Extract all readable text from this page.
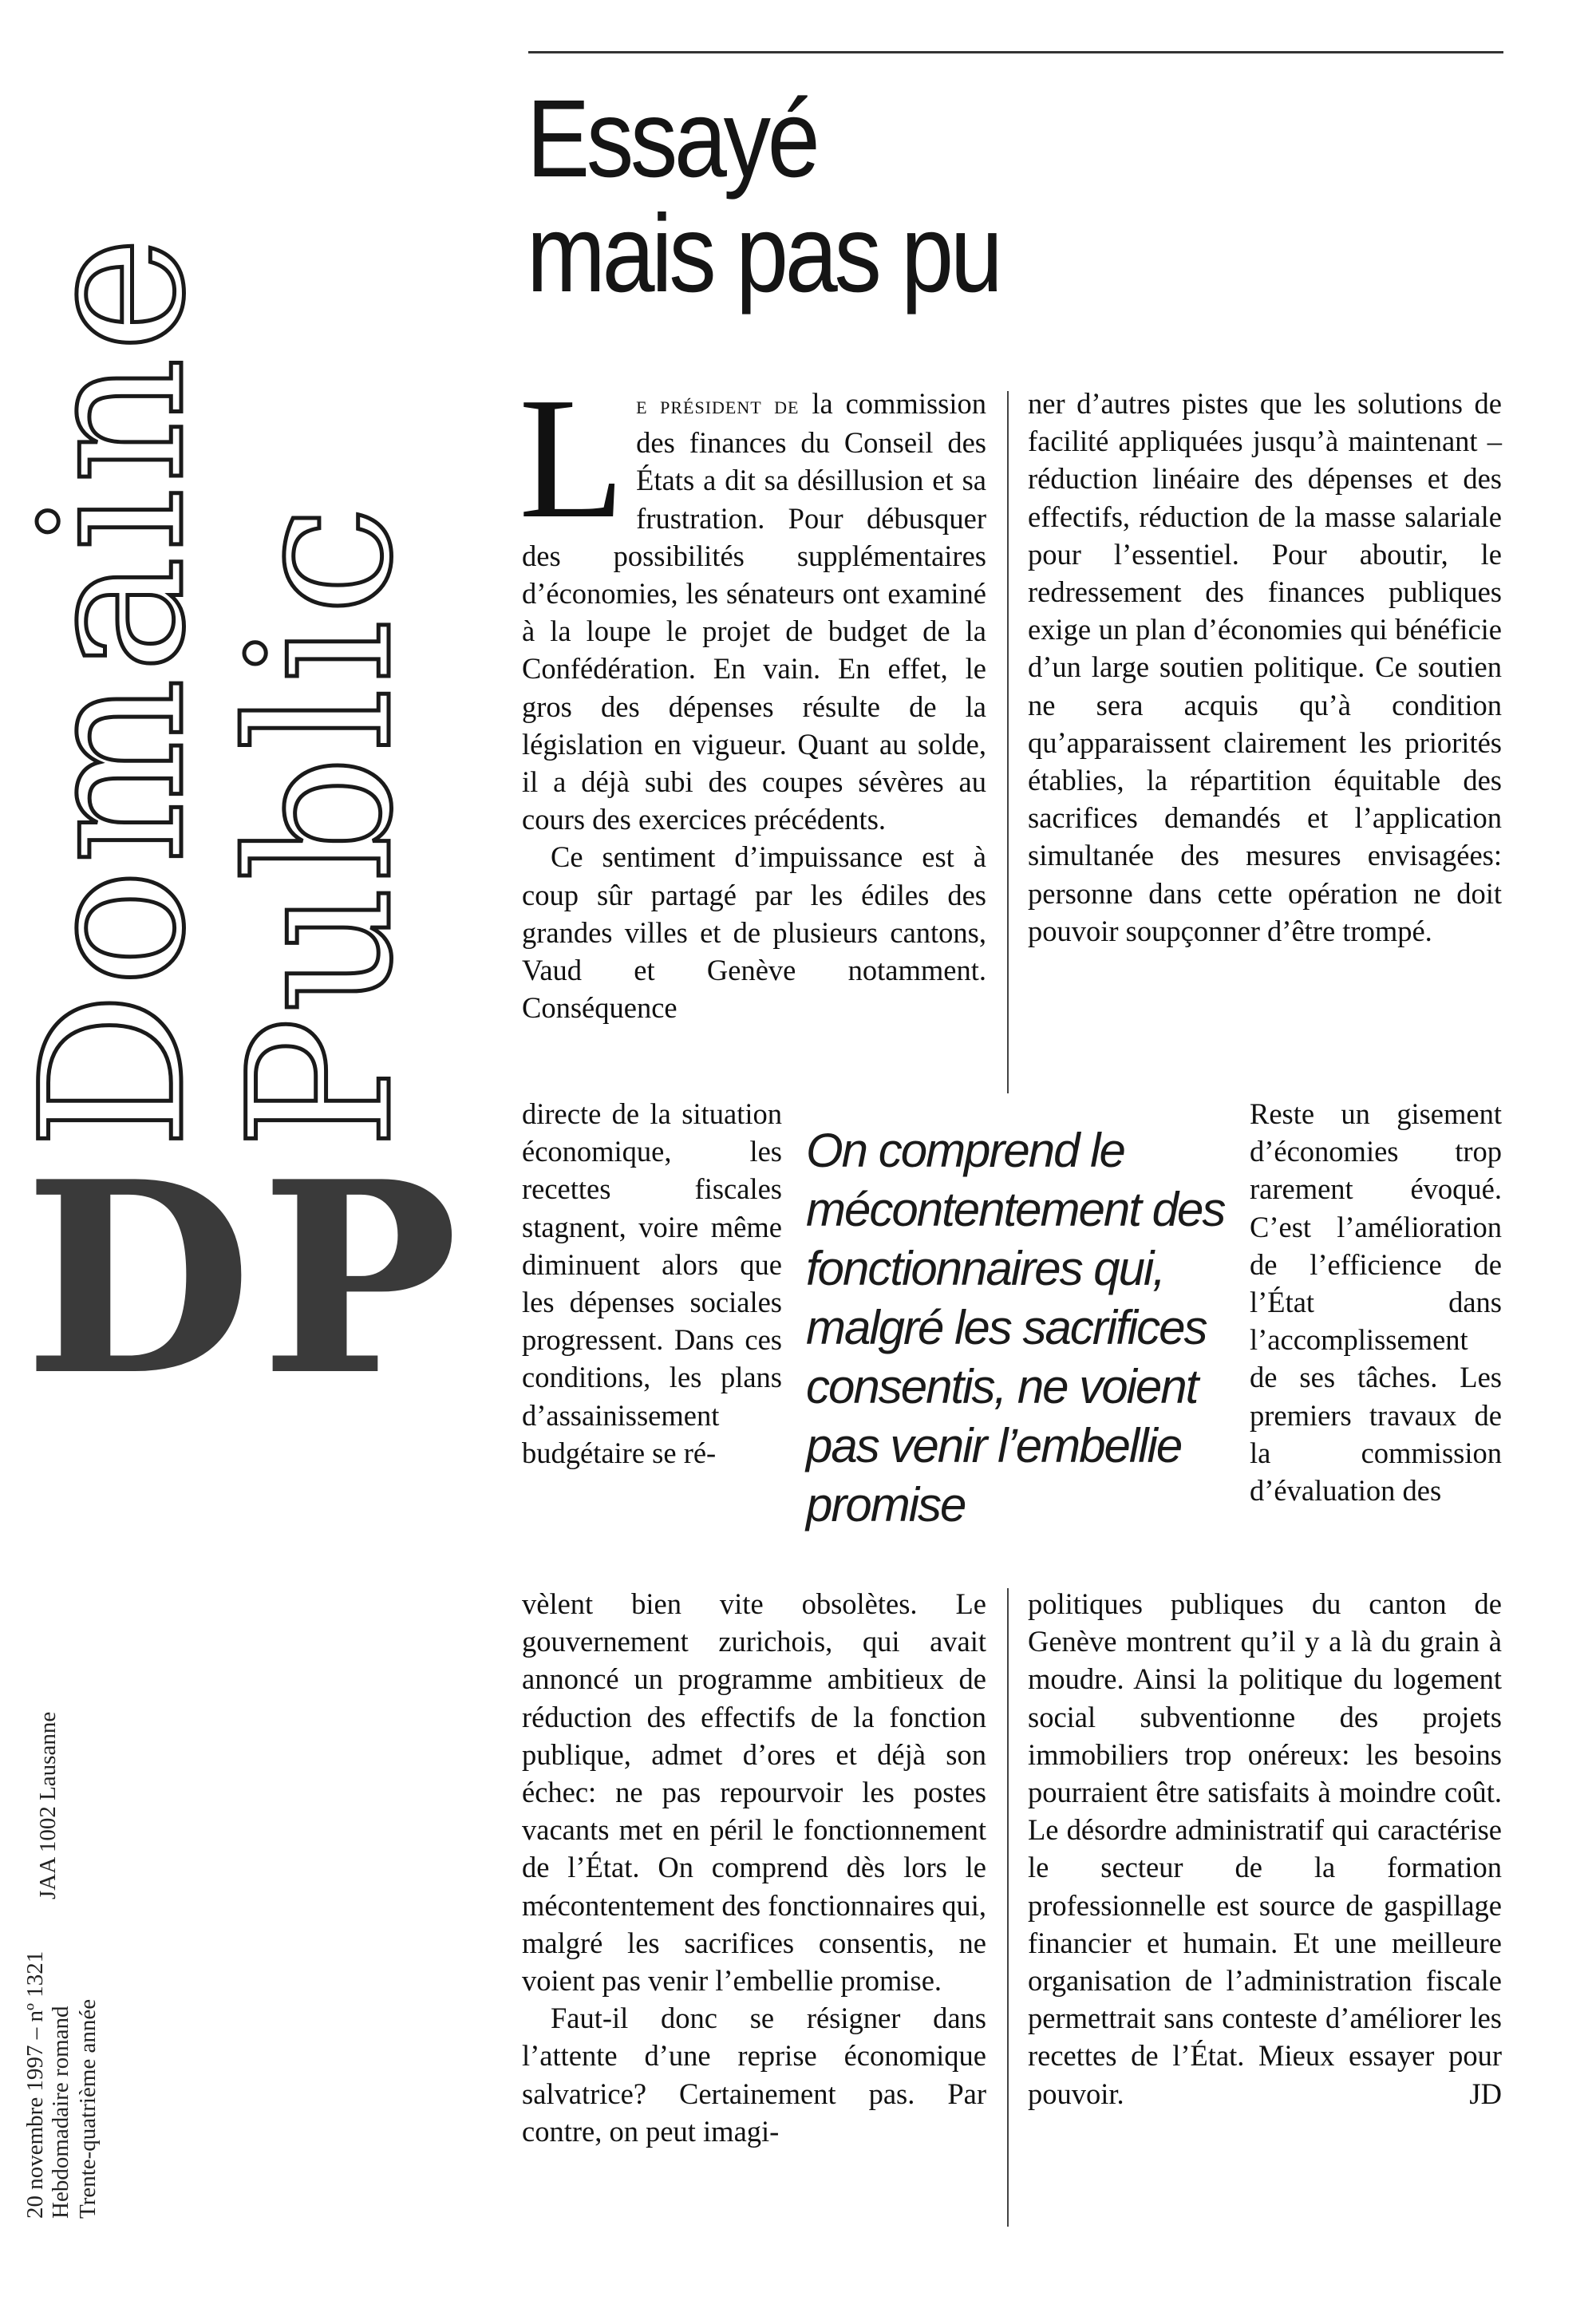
Domaine
Public
DP
20 novembre 1997 – nº 1321 Hebdomadaire romand Trente-quatrième année
JAA 1002 Lausanne
Essayé
mais pas pu

Le président de la commission des finances du Conseil des États a dit sa désillusion et sa frustration. Pour débusquer des possibilités supplémentaires d’économies, les sénateurs ont examiné à la loupe le projet de budget de la Confédération. En vain. En effet, le gros des dépenses résulte de la législation en vigueur. Quant au solde, il a déjà subi des coupes sévères au cours des exercices précédents.

Ce sentiment d’impuissance est à coup sûr partagé par les édiles des grandes villes et de plusieurs cantons, Vaud et Genève notamment. Conséquence

directe de la situation économique, les recettes fiscales stagnent, voire même diminuent alors que les dépenses sociales progressent. Dans ces conditions, les plans d’assainissement budgétaire se ré-
On comprend le mécontentement des fonctionnaires qui, malgré les sacrifices consentis, ne voient pas venir l’embellie promise

vèlent bien vite obsolètes. Le gouvernement zurichois, qui avait annoncé un programme ambitieux de réduction des effectifs de la fonction publique, admet d’ores et déjà son échec: ne pas repourvoir les postes vacants met en péril le fonctionnement de l’État. On comprend dès lors le mécontentement des fonctionnaires qui, malgré les sacrifices consentis, ne voient pas venir l’embellie promise.

Faut-il donc se résigner dans l’attente d’une reprise économique salvatrice? Certainement pas. Par contre, on peut imagi-

ner d’autres pistes que les solutions de facilité appliquées jusqu’à maintenant – réduction linéaire des dépenses et des effectifs, réduction de la masse salariale pour l’essentiel. Pour aboutir, le redressement des finances publiques exige un plan d’économies qui bénéficie d’un large soutien politique. Ce soutien ne sera acquis qu’à condition qu’apparaissent clairement les priorités établies, la répartition équitable des sacrifices demandés et l’application simultanée des mesures envisagées: personne dans cette opération ne doit pouvoir soupçonner d’être trompé.

Reste un gisement d’économies trop rarement évoqué. C’est l’amélioration de l’efficience de l’État dans l’accomplissement de ses tâches. Les premiers travaux de la commission d’évaluation des

politiques publiques du canton de Genève montrent qu’il y a là du grain à moudre. Ainsi la politique du logement social subventionne des projets immobiliers trop onéreux: les besoins pourraient être satisfaits à moindre coût. Le désordre administratif qui caractérise le secteur de la formation professionnelle est source de gaspillage financier et humain. Et une meilleure organisation de l’administration fiscale permettrait sans conteste d’améliorer les recettes de l’État. Mieux essayer pour pouvoir.	JD
